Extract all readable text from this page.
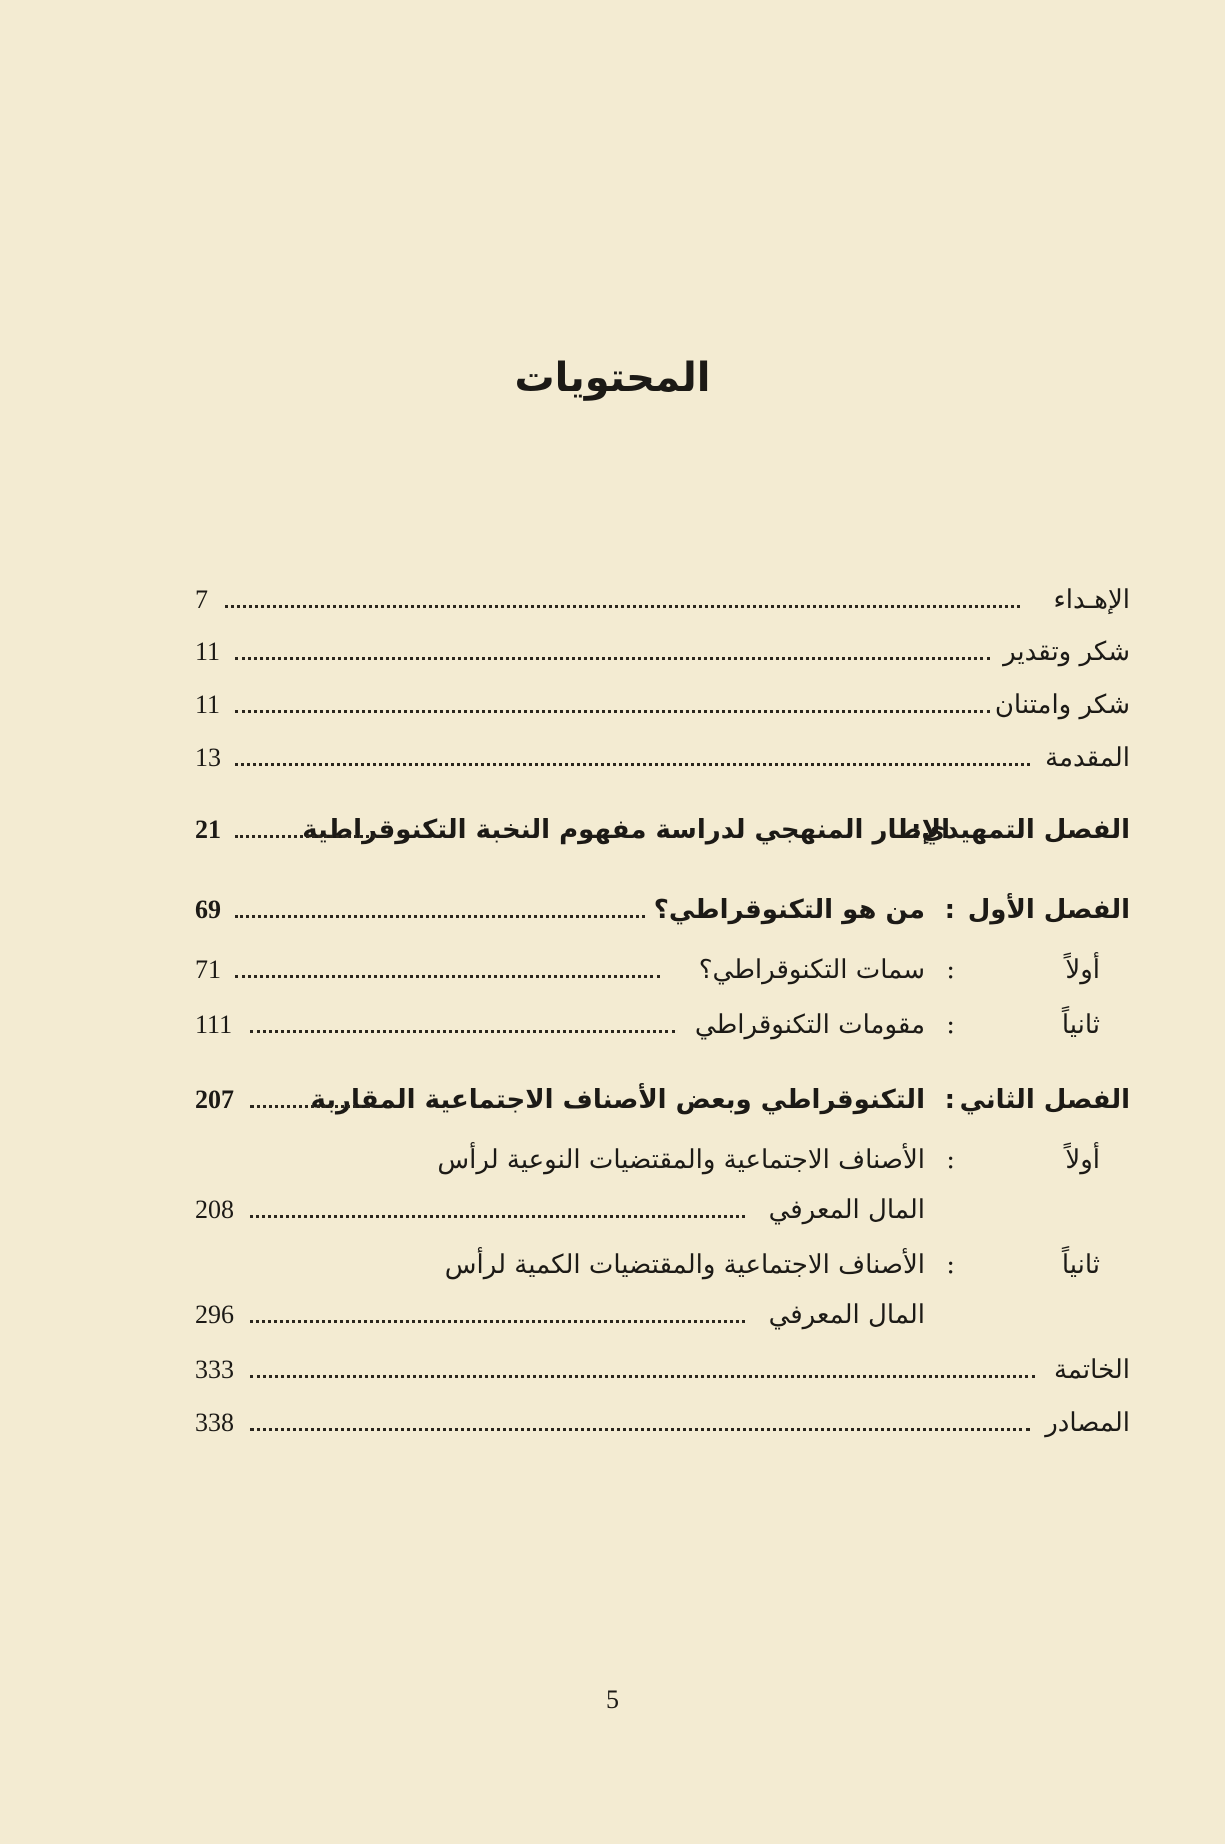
المحتويات
الإهـداء
7
شكر وتقدير
11
شكر وامتنان
11
المقدمة
13
الفصل التمهيدي:
الإطار المنهجي لدراسة مفهوم النخبة التكنوقراطية
21
الفصل الأول
:
من هو التكنوقراطي؟
69
أولاً
:
سمات التكنوقراطي؟
71
ثانياً
:
مقومات التكنوقراطي
111
الفصل الثاني
:
التكنوقراطي وبعض الأصناف الاجتماعية المقاربة
207
أولاً
:
الأصناف الاجتماعية والمقتضيات النوعية لرأس
المال المعرفي
208
ثانياً
:
الأصناف الاجتماعية والمقتضيات الكمية لرأس
المال المعرفي
296
الخاتمة
333
المصادر
338
5
